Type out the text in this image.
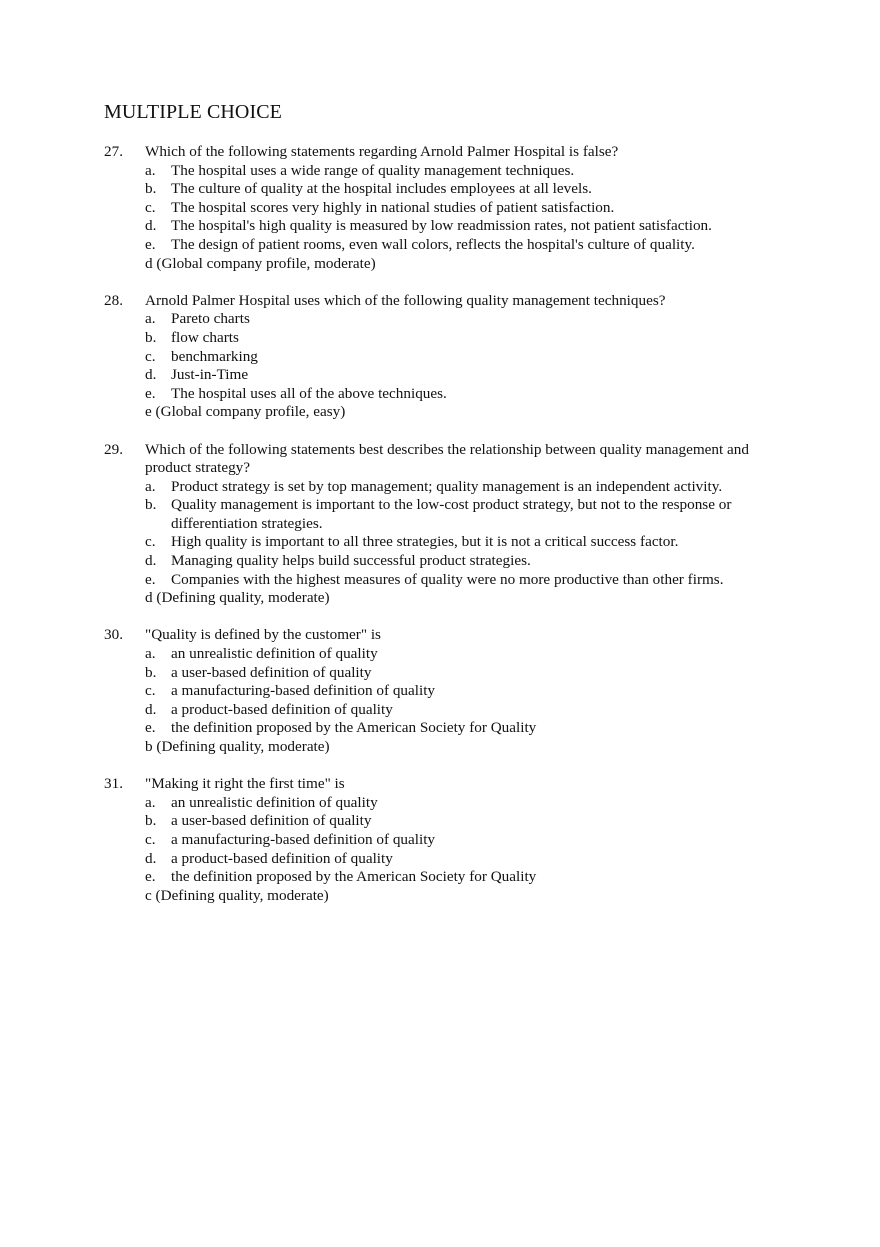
MULTIPLE CHOICE
27. Which of the following statements regarding Arnold Palmer Hospital is false?
a. The hospital uses a wide range of quality management techniques.
b. The culture of quality at the hospital includes employees at all levels.
c. The hospital scores very highly in national studies of patient satisfaction.
d. The hospital's high quality is measured by low readmission rates, not patient satisfaction.
e. The design of patient rooms, even wall colors, reflects the hospital's culture of quality.
d (Global company profile, moderate)
28. Arnold Palmer Hospital uses which of the following quality management techniques?
a. Pareto charts
b. flow charts
c. benchmarking
d. Just-in-Time
e. The hospital uses all of the above techniques.
e (Global company profile, easy)
29. Which of the following statements best describes the relationship between quality management and product strategy?
a. Product strategy is set by top management; quality management is an independent activity.
b. Quality management is important to the low-cost product strategy, but not to the response or differentiation strategies.
c. High quality is important to all three strategies, but it is not a critical success factor.
d. Managing quality helps build successful product strategies.
e. Companies with the highest measures of quality were no more productive than other firms.
d (Defining quality, moderate)
30. "Quality is defined by the customer" is
a. an unrealistic definition of quality
b. a user-based definition of quality
c. a manufacturing-based definition of quality
d. a product-based definition of quality
e. the definition proposed by the American Society for Quality
b (Defining quality, moderate)
31. "Making it right the first time" is
a. an unrealistic definition of quality
b. a user-based definition of quality
c. a manufacturing-based definition of quality
d. a product-based definition of quality
e. the definition proposed by the American Society for Quality
c (Defining quality, moderate)
